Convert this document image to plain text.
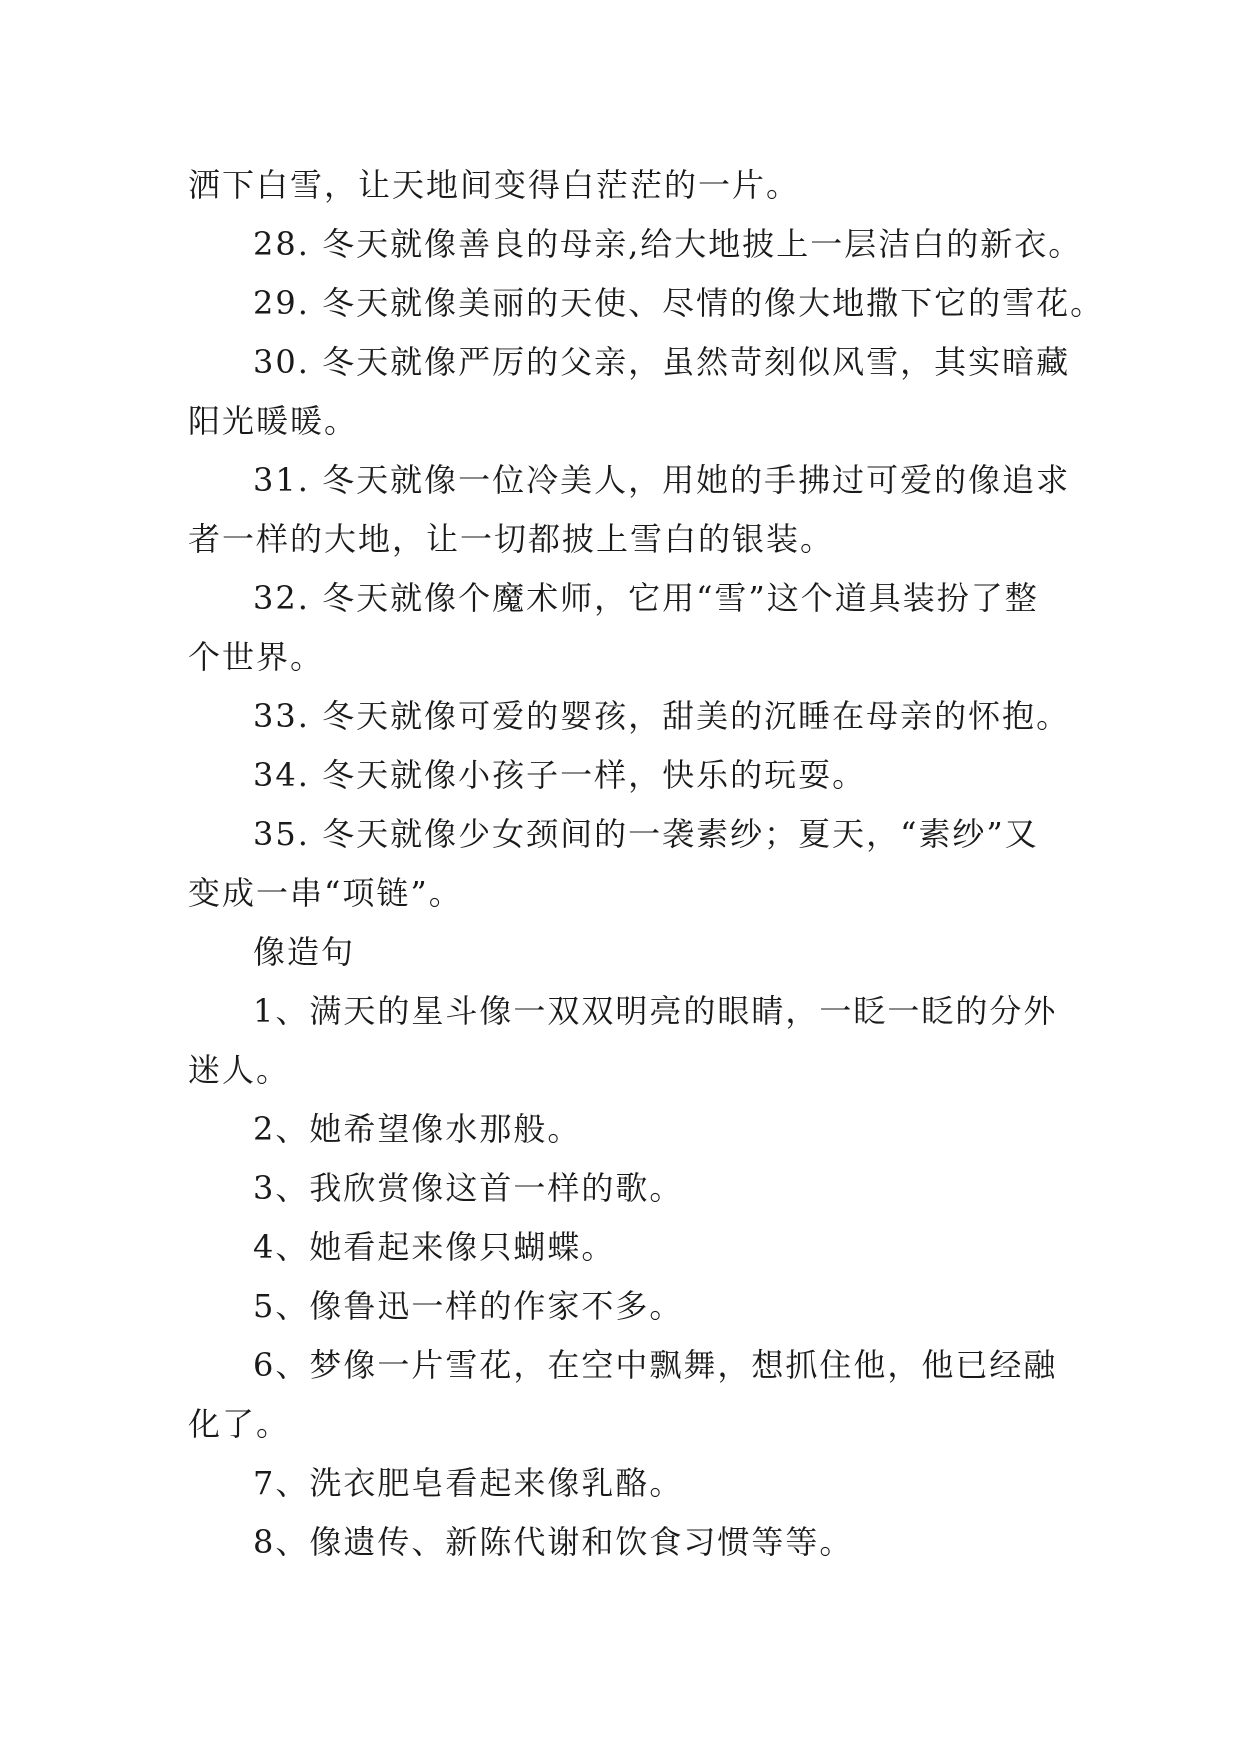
洒下白雪，让天地间变得白茫茫的一片。
28. 冬天就像善良的母亲,给大地披上一层洁白的新衣。
29. 冬天就像美丽的天使、尽情的像大地撒下它的雪花。
30. 冬天就像严厉的父亲，虽然苛刻似风雪，其实暗藏
阳光暖暖。
31. 冬天就像一位冷美人，用她的手拂过可爱的像追求
者一样的大地，让一切都披上雪白的银装。
32. 冬天就像个魔术师，它用“雪”这个道具装扮了整
个世界。
33. 冬天就像可爱的婴孩，甜美的沉睡在母亲的怀抱。
34. 冬天就像小孩子一样，快乐的玩耍。
35. 冬天就像少女颈间的一袭素纱；夏天，“素纱”又
变成一串“项链”。
像造句
1、满天的星斗像一双双明亮的眼睛，一眨一眨的分外
迷人。
2、她希望像水那般。
3、我欣赏像这首一样的歌。
4、她看起来像只蝴蝶。
5、像鲁迅一样的作家不多。
6、梦像一片雪花，在空中飘舞，想抓住他，他已经融
化了。
7、洗衣肥皂看起来像乳酪。
8、像遗传、新陈代谢和饮食习惯等等。
